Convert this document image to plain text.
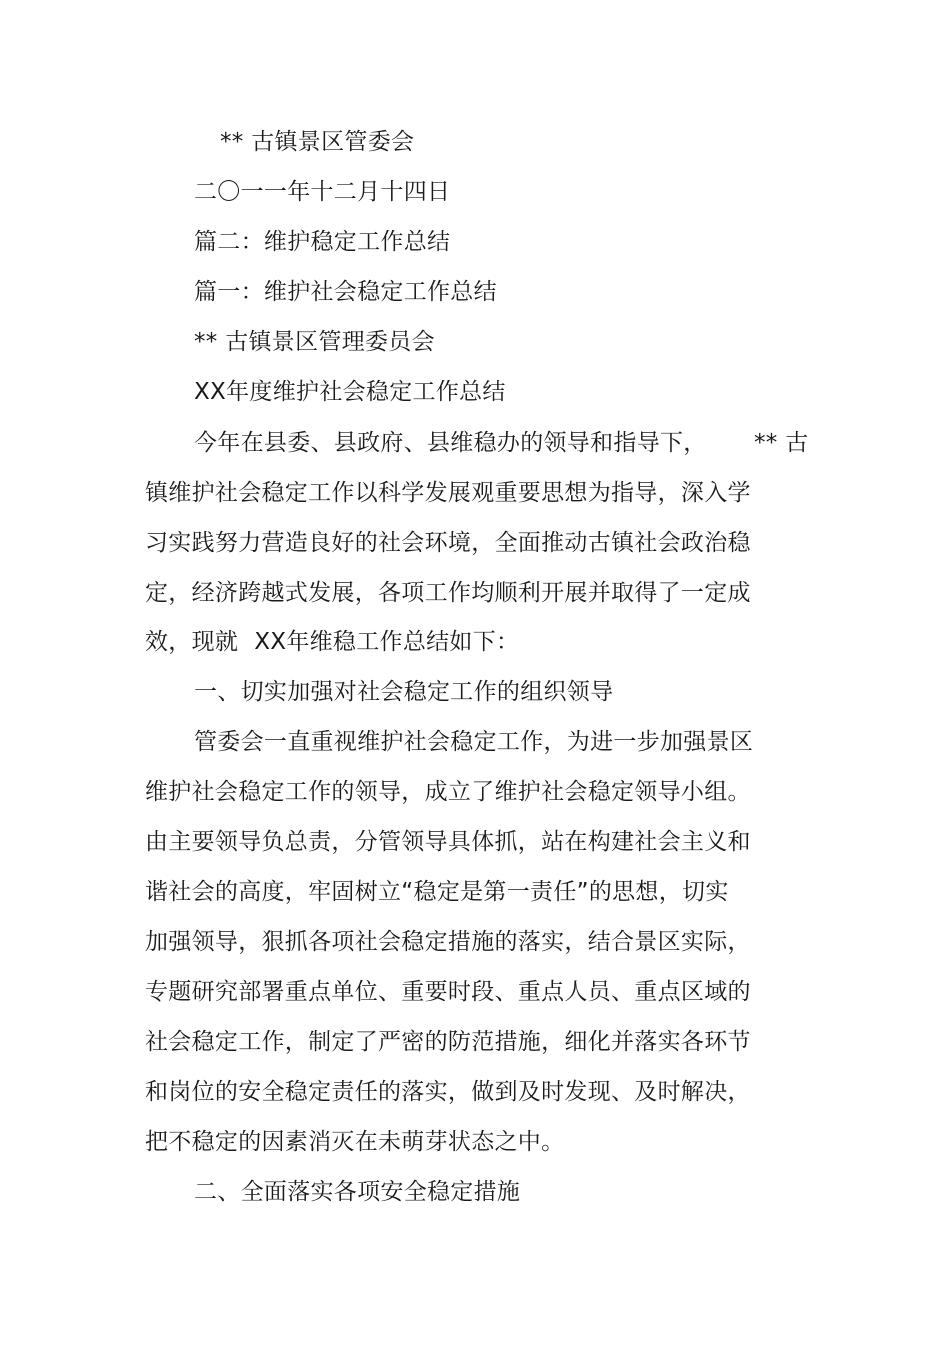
** 古镇景区管委会
二〇一一年十二月十四日
篇二：维护稳定工作总结
篇一：维护社会稳定工作总结
** 古镇景区管理委员会
XX年度维护社会稳定工作总结
今年在县委、县政府、县维稳办的领导和指导下， ** 古
镇维护社会稳定工作以科学发展观重要思想为指导，深入学
习实践努力营造良好的社会环境，全面推动古镇社会政治稳
定，经济跨越式发展，各项工作均顺利开展并取得了一定成
效，现就 XX年维稳工作总结如下：
一、切实加强对社会稳定工作的组织领导
管委会一直重视维护社会稳定工作，为进一步加强景区
维护社会稳定工作的领导，成立了维护社会稳定领导小组。
由主要领导负总责，分管领导具体抓，站在构建社会主义和
谐社会的高度，牢固树立“稳定是第一责任”的思想，切实
加强领导，狠抓各项社会稳定措施的落实，结合景区实际，
专题研究部署重点单位、重要时段、重点人员、重点区域的
社会稳定工作，制定了严密的防范措施，细化并落实各环节
和岗位的安全稳定责任的落实，做到及时发现、及时解决，
把不稳定的因素消灭在未萌芽状态之中。
二、全面落实各项安全稳定措施
